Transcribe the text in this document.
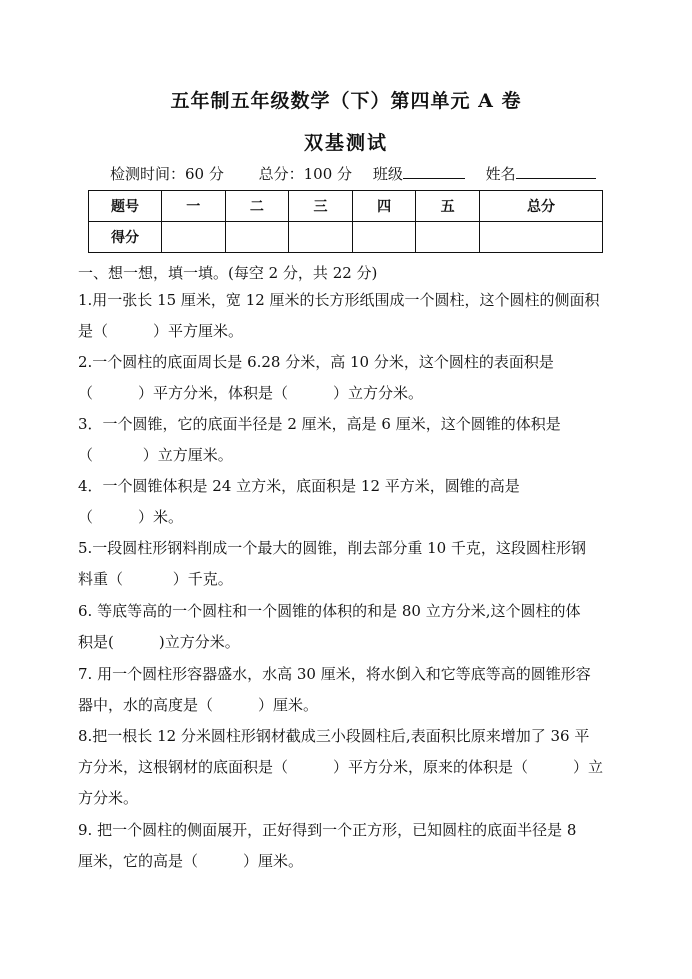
五年制五年级数学（下）第四单元 A 卷
双基测试
检测时间：60 分 总分：100 分 班级	姓名
题号	一	二	三	四	五	总分
得分						
一、想一想，填一填。(每空 2 分，共 22 分)
1.用一张长 15 厘米，宽 12 厘米的长方形纸围成一个圆柱，这个圆柱的侧面积
是（　　　）平方厘米。
2.一个圆柱的底面周长是 6.28 分米，高 10 分米，这个圆柱的表面积是
（　　　）平方分米，体积是（　　　）立方分米。
3．一个圆锥，它的底面半径是 2 厘米，高是 6 厘米，这个圆锥的体积是
（　　　 ）立方厘米。
4．一个圆锥体积是 24 立方米，底面积是 12 平方米，圆锥的高是
（　　　）米。
5.一段圆柱形钢料削成一个最大的圆锥，削去部分重 10 千克，这段圆柱形钢
料重（　　　 ）千克。
6. 等底等高的一个圆柱和一个圆锥的体积的和是 80 立方分米,这个圆柱的体
积是(　　　)立方分米。
7. 用一个圆柱形容器盛水，水高 30 厘米，将水倒入和它等底等高的圆锥形容
器中，水的高度是（　　　）厘米。
8.把一根长 12 分米圆柱形钢材截成三小段圆柱后,表面积比原来增加了 36 平
方分米，这根钢材的底面积是（　　　）平方分米，原来的体积是（　　　）立
方分米。
9. 把一个圆柱的侧面展开，正好得到一个正方形，已知圆柱的底面半径是 8
厘米，它的高是（　　　）厘米。
